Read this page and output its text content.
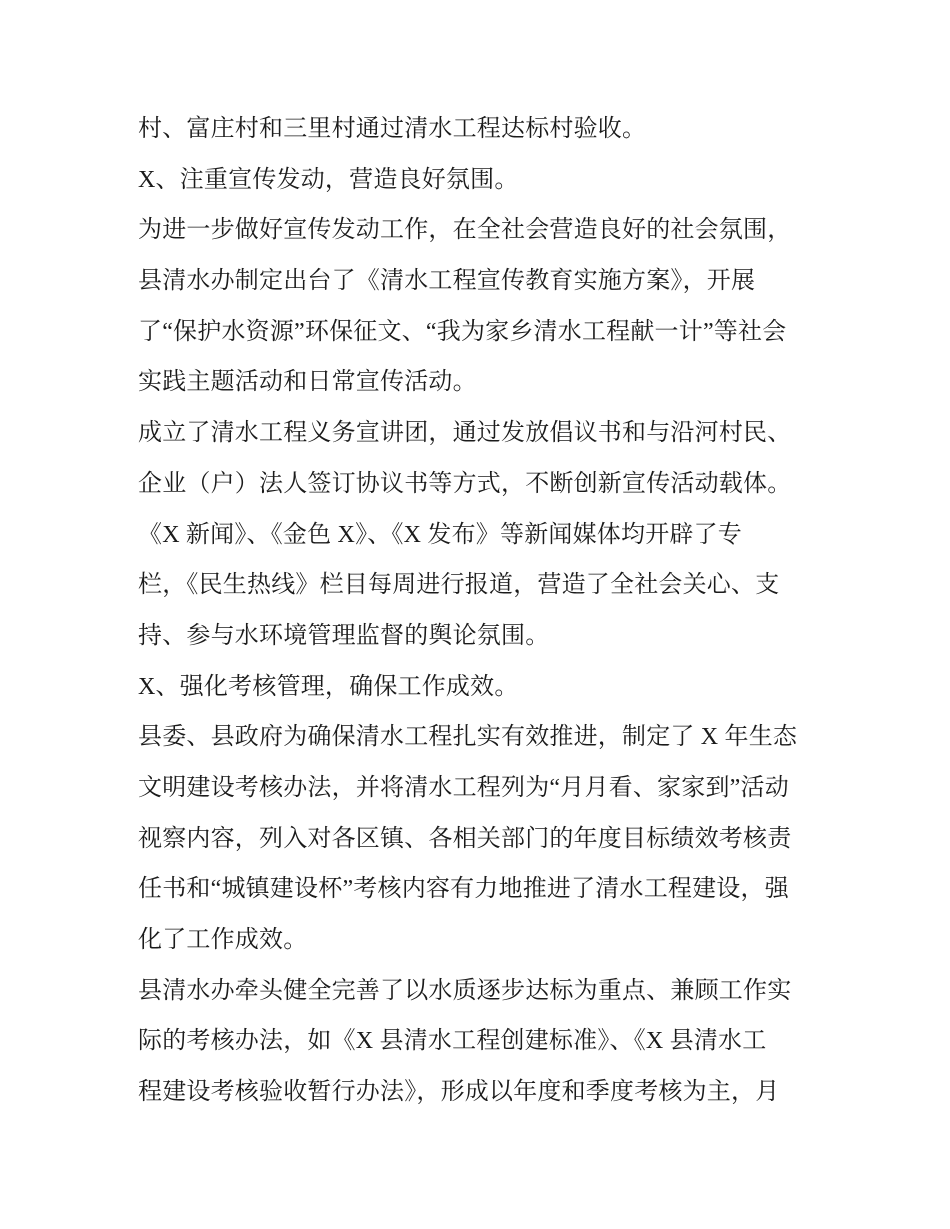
村、富庄村和三里村通过清水工程达标村验收。
X、注重宣传发动，营造良好氛围。
为进一步做好宣传发动工作，在全社会营造良好的社会氛围，
县清水办制定出台了《清水工程宣传教育实施方案》，开展
了“保护水资源”环保征文、“我为家乡清水工程献一计”等社会
实践主题活动和日常宣传活动。
成立了清水工程义务宣讲团，通过发放倡议书和与沿河村民、
企业（户）法人签订协议书等方式，不断创新宣传活动载体。
《X 新闻》、《金色 X》、《X 发布》等新闻媒体均开辟了专
栏，《民生热线》栏目每周进行报道，营造了全社会关心、支
持、参与水环境管理监督的舆论氛围。
X、强化考核管理，确保工作成效。
县委、县政府为确保清水工程扎实有效推进，制定了 X 年生态
文明建设考核办法，并将清水工程列为“月月看、家家到”活动
视察内容，列入对各区镇、各相关部门的年度目标绩效考核责
任书和“城镇建设杯”考核内容有力地推进了清水工程建设，强
化了工作成效。
县清水办牵头健全完善了以水质逐步达标为重点、兼顾工作实
际的考核办法，如《X 县清水工程创建标准》、《X 县清水工
程建设考核验收暂行办法》，形成以年度和季度考核为主，月
